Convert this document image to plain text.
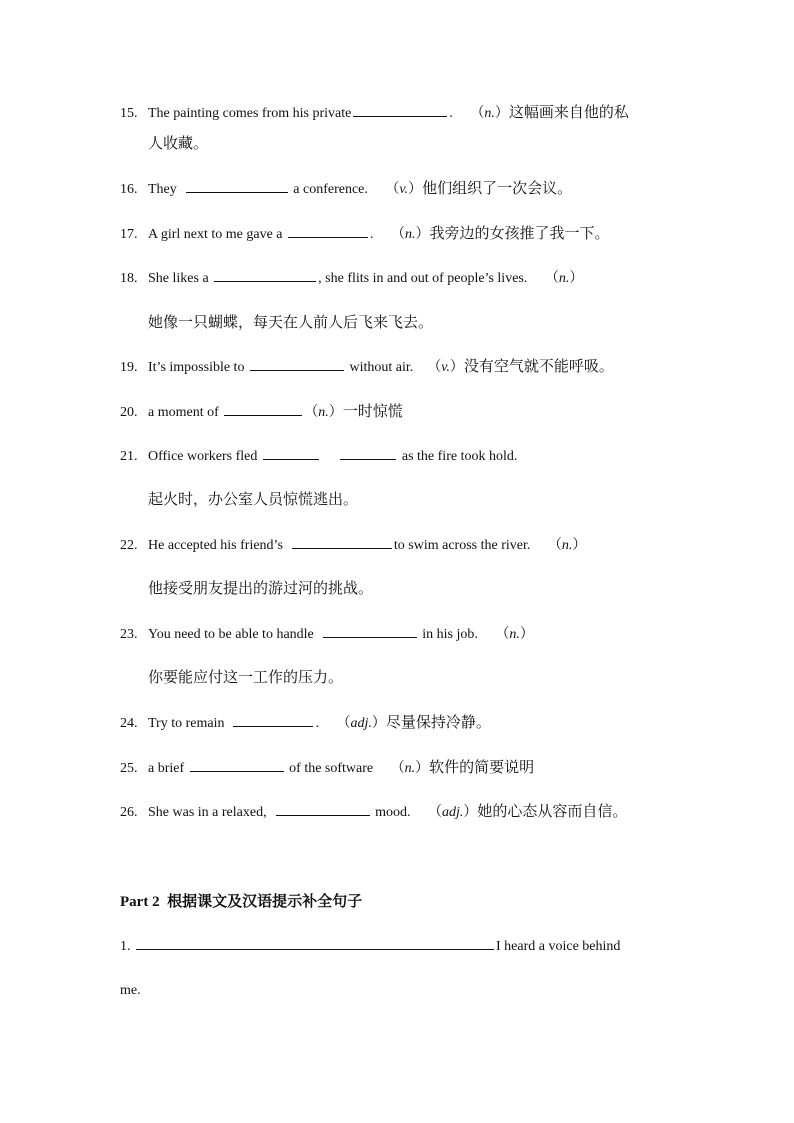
15. The painting comes from his private	.     （n.）这幅画来自他的私
人收藏。
16. They	a conference.     （v.）他们组织了一次会议。
17. A girl next to me gave a	.     （n.）我旁边的女孩推了我一下。
18. She likes a	, she flits in and out of people’s lives.     （n.）
她像一只蝴蝶，每天在人前人后飞来飞去。
19. It’s impossible to	without air.    （v.）没有空气就不能呼吸。
20. a moment of	（n.）一时惊慌
21. Office workers fled	as the fire took hold.
起火时，办公室人员惊慌逃出。
22. He accepted his friend’s	to swim across the river.     （n.）
他接受朋友提出的游过河的挑战。
23. You need to be able to handle	in his job.     （n.）
你要能应付这一工作的压力。
24. Try to remain	.     （adj.）尽量保持冷静。
25. a brief	of the software     （n.）软件的简要说明
26. She was in a relaxed,	mood.     （adj.）她的心态从容而自信。
Part 2 根据课文及汉语提示补全句子
1.	I heard a voice behind
me.
